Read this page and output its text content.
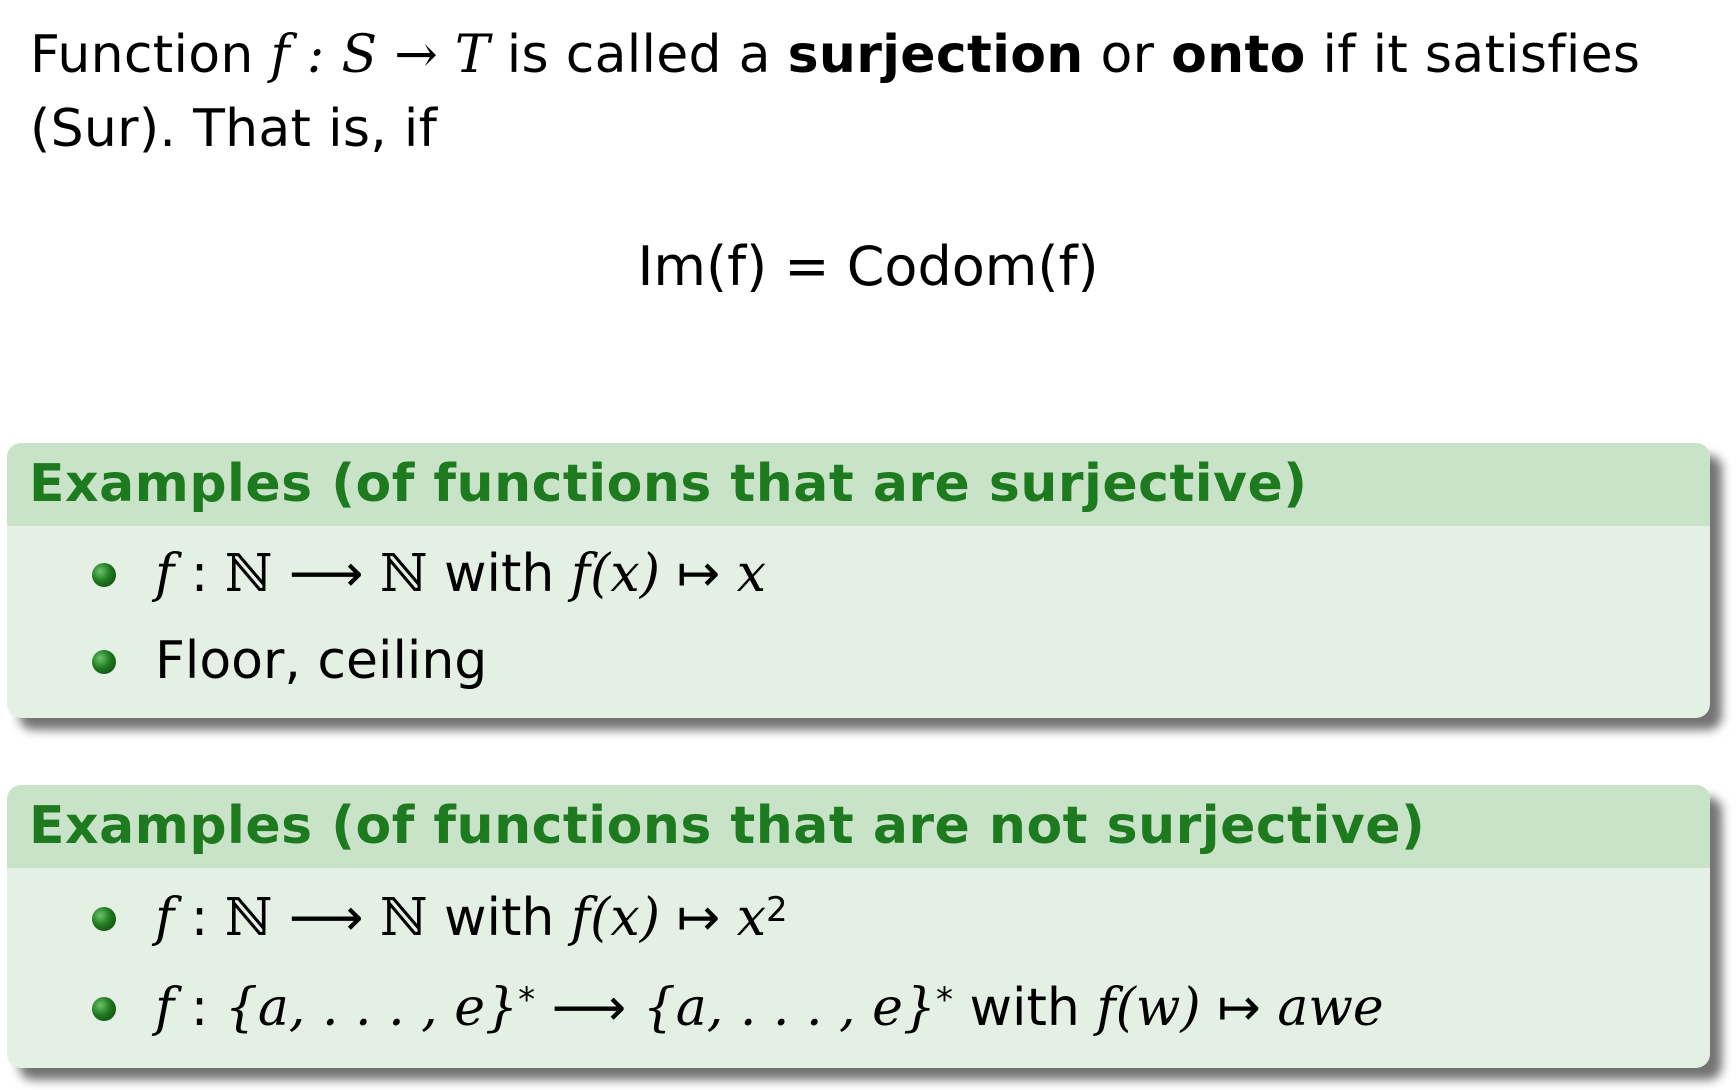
Function f : S → T is called a surjection or onto if it satisfies
(Sur). That is, if
Im(f) = Codom(f)
Examples (of functions that are surjective)
f : ℕ ⟶ ℕ with f(x) ↦ x
Floor, ceiling
Examples (of functions that are not surjective)
f : ℕ ⟶ ℕ with f(x) ↦ $x^2$
f : {a, . . . , e}* ⟶ {a, . . . , e}* with f(w) ↦ awe
